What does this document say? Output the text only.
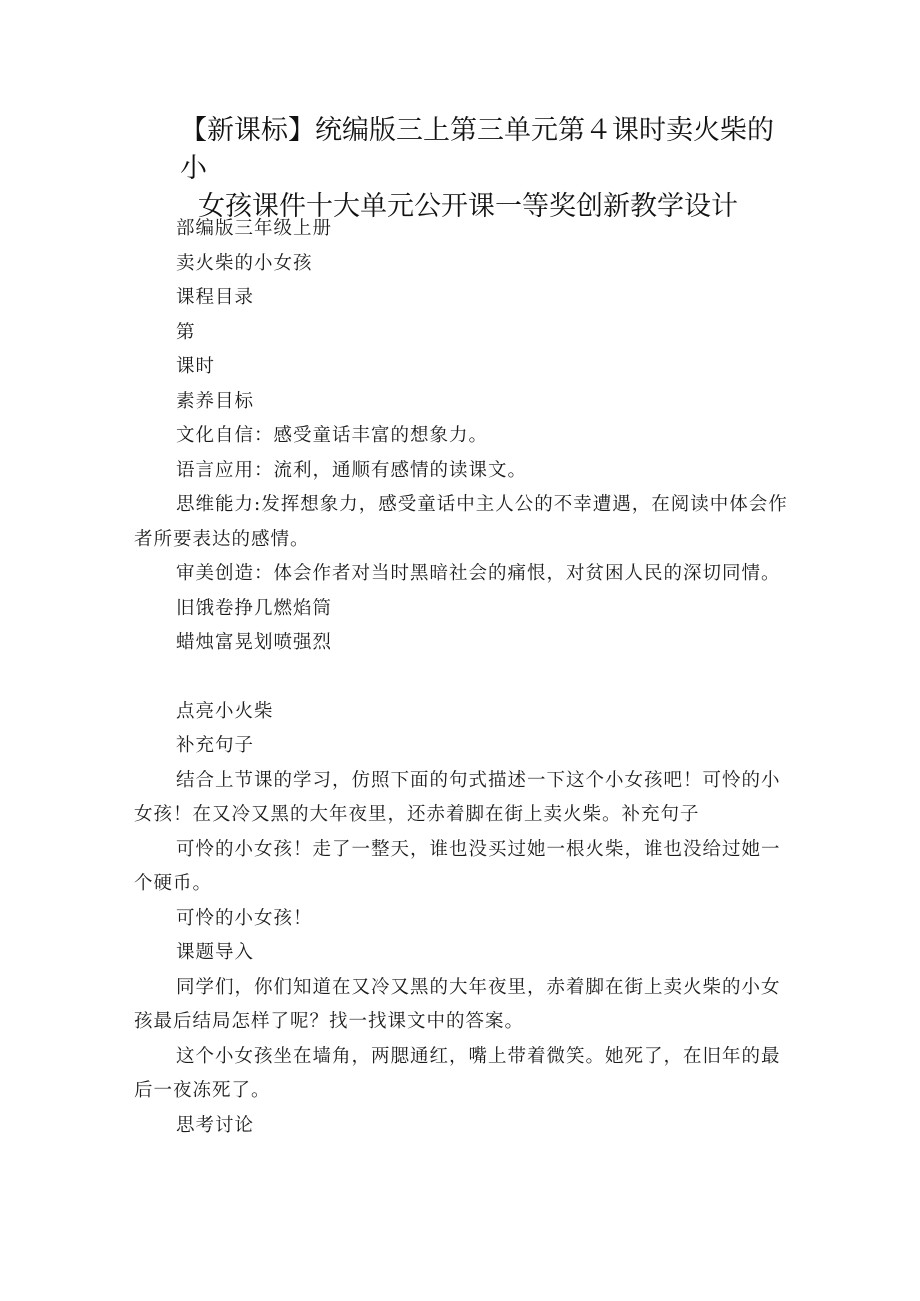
【新课标】统编版三上第三单元第４课时卖火柴的小
女孩课件十大单元公开课一等奖创新教学设计

部编版三年级上册

卖火柴的小女孩

课程目录

第

课时

素养目标

文化自信：感受童话丰富的想象力。

语言应用：流利，通顺有感情的读课文。

思维能力:发挥想象力，感受童话中主人公的不幸遭遇，在阅读中体会作者所要表达的感情。

审美创造：体会作者对当时黑暗社会的痛恨，对贫困人民的深切同情。

旧饿卷挣几燃焰筒

蜡烛富晃划喷强烈

点亮小火柴

补充句子

结合上节课的学习，仿照下面的句式描述一下这个小女孩吧！可怜的小女孩！在又冷又黑的大年夜里，还赤着脚在街上卖火柴。补充句子

可怜的小女孩！走了一整天，谁也没买过她一根火柴，谁也没给过她一个硬币。

可怜的小女孩！

课题导入

同学们，你们知道在又冷又黑的大年夜里，赤着脚在街上卖火柴的小女孩最后结局怎样了呢？找一找课文中的答案。

这个小女孩坐在墙角，两腮通红，嘴上带着微笑。她死了，在旧年的最后一夜冻死了。

思考讨论
